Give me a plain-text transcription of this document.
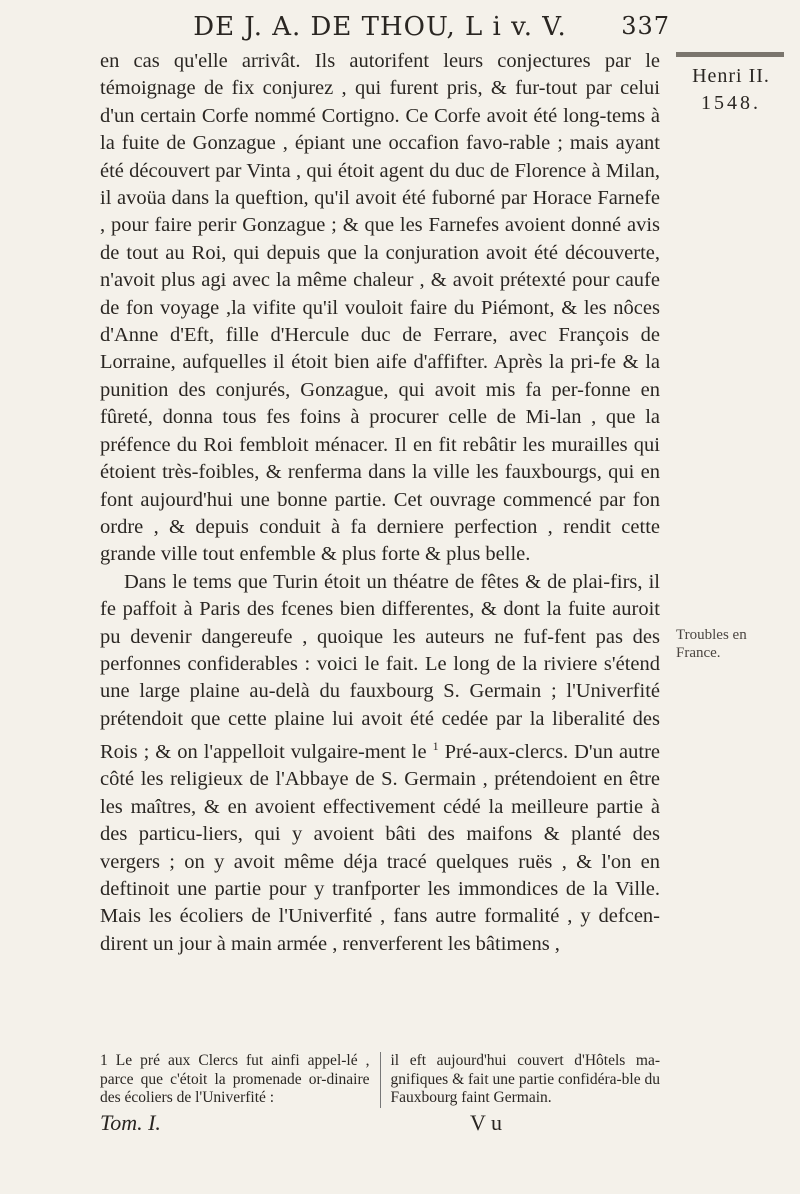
DE J. A. DE THOU, L i v. V. 337
Henri II.
1548.
Troubles en France.

en cas qu'elle arrivât. Ils autorifent leurs conjectures par le témoignage de fix conjurez , qui furent pris, & fur-tout par celui d'un certain Corfe nommé Cortigno. Ce Corfe avoit été long-tems à la fuite de Gonzague , épiant une occafion favo-rable ; mais ayant été découvert par Vinta , qui étoit agent du duc de Florence à Milan, il avoüa dans la queftion, qu'il avoit été fuborné par Horace Farnefe , pour faire perir Gonzague ; & que les Farnefes avoient donné avis de tout au Roi, qui depuis que la conjuration avoit été découverte, n'avoit plus agi avec la même chaleur , & avoit prétexté pour caufe de fon voyage ,la vifite qu'il vouloit faire du Piémont, & les nôces d'Anne d'Eft, fille d'Hercule duc de Ferrare, avec François de Lorraine, aufquelles il étoit bien aife d'affifter. Après la pri-fe & la punition des conjurés, Gonzague, qui avoit mis fa per-fonne en fûreté, donna tous fes foins à procurer celle de Mi-lan , que la préfence du Roi fembloit ménacer. Il en fit rebâtir les murailles qui étoient très-foibles, & renferma dans la ville les fauxbourgs, qui en font aujourd'hui une bonne partie. Cet ouvrage commencé par fon ordre , & depuis conduit à fa derniere perfection , rendit cette grande ville tout enfemble & plus forte & plus belle.

Dans le tems que Turin étoit un théatre de fêtes & de plai-firs, il fe paffoit à Paris des fcenes bien differentes, & dont la fuite auroit pu devenir dangereufe , quoique les auteurs ne fuf-fent pas des perfonnes confiderables : voici le fait. Le long de la riviere s'étend une large plaine au-delà du fauxbourg S. Germain ; l'Univerfité prétendoit que cette plaine lui avoit été cedée par la liberalité des Rois ; & on l'appelloit vulgaire-ment le $^1$ Pré-aux-clercs. D'un autre côté les religieux de l'Abbaye de S. Germain , prétendoient en être les maîtres, & en avoient effectivement cédé la meilleure partie à des particu-liers, qui y avoient bâti des maifons & planté des vergers ; on y avoit même déja tracé quelques ruës , & l'on en deftinoit une partie pour y tranfporter les immondices de la Ville. Mais les écoliers de l'Univerfité , fans autre formalité , y defcen-dirent un jour à main armée , renverferent les bâtimens ,

1 Le pré aux Clercs fut ainfi appel-lé , parce que c'étoit la promenade or-dinaire des écoliers de l'Univerfité :
il eft aujourd'hui couvert d'Hôtels ma-gnifiques & fait une partie confidéra-ble du Fauxbourg faint Germain.
Tom. I.	V u
